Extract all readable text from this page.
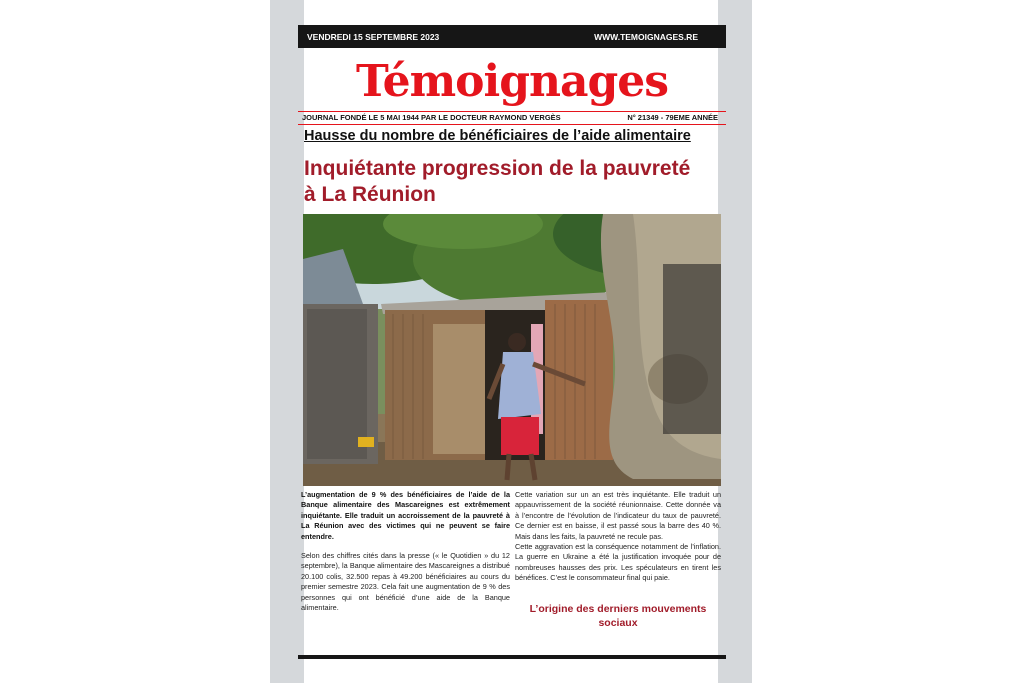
VENDREDI 15 SEPTEMBRE 2023	WWW.TEMOIGNAGES.RE
Témoignages
JOURNAL FONDÉ LE 5 MAI 1944 PAR LE DOCTEUR RAYMOND VERGÈS	N° 21349 - 79EME ANNÉE
Hausse du nombre de bénéficiaires de l’aide alimentaire
Inquiétante progression de la pauvreté
à La Réunion

L’augmentation de 9 % des bénéficiaires de l’aide de la Banque alimentaire des Mascareignes est extrêmement inquiétante. Elle traduit un accroissement de la pauvreté à La Réunion avec des victimes qui ne peuvent se faire entendre.

Selon des chiffres cités dans la presse (« le Quotidien » du 12 septembre), la Banque alimentaire des Mascareignes a distribué 20.100 colis, 32.500 repas à 49.200 bénéficiaires au cours du premier semestre 2023. Cela fait une augmentation de 9 % des personnes qui ont bénéficié d’une aide de la Banque alimentaire.

Cette variation sur un an est très inquiétante. Elle traduit un appauvrissement de la société réunionnaise. Cette donnée va à l’encontre de l’évolution de l’indicateur du taux de pauvreté. Ce dernier est en baisse, il est passé sous la barre des 40 %. Mais dans les faits, la pauvreté ne recule pas.

Cette aggravation est la conséquence notamment de l’inflation. La guerre en Ukraine a été la justification invoquée pour de nombreuses hausses des prix. Les spéculateurs en tirent les bénéfices. C’est le consommateur final qui paie.

L’origine des derniers mouvements sociaux
